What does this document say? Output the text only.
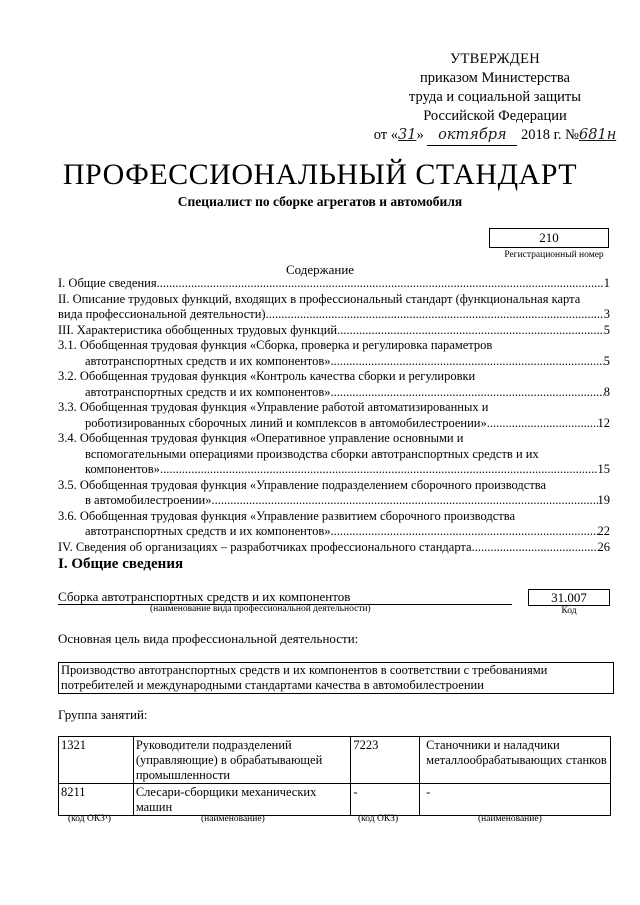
УТВЕРЖДЕН
приказом Министерства
труда и социальной защиты
Российской Федерации
от «31» октября 2018 г. №681н
ПРОФЕССИОНАЛЬНЫЙ СТАНДАРТ
Специалист по сборке агрегатов и автомобиля
210
Регистрационный номер
Содержание
I. Общие сведения .....	1
II. Описание трудовых функций, входящих в профессиональный стандарт (функциональная карта
вида профессиональной деятельности) .....	3
III. Характеристика обобщенных трудовых функций .....	5
3.1. Обобщенная трудовая функция «Сборка, проверка и регулировка параметров
автотранспортных средств и их компонентов» .....	5
3.2. Обобщенная трудовая функция «Контроль качества сборки и регулировки
автотранспортных средств и их компонентов» .....	8
3.3. Обобщенная трудовая функция «Управление работой автоматизированных и
роботизированных сборочных линий и комплексов в автомобилестроении» .....	12
3.4. Обобщенная трудовая функция «Оперативное управление основными и
вспомогательными операциями производства сборки автотранспортных средств и их
компонентов» .....	15
3.5. Обобщенная трудовая функция «Управление подразделением сборочного производства
в автомобилестроении» .....	19
3.6. Обобщенная трудовая функция «Управление развитием сборочного производства
автотранспортных средств и их компонентов» .....	22
IV. Сведения об организациях – разработчиках профессионального стандарта .....	26
I. Общие сведения
Сборка автотранспортных средств и их компонентов
(наименование вида профессиональной деятельности)
31.007
Код
Основная цель вида профессиональной деятельности:
Производство автотранспортных средств и их компонентов в соответствии с требованиями
потребителей и международными стандартами качества в автомобилестроении
Группа занятий:
1321	Руководители подразделений (управляющие) в обрабатывающей промышленности	7223	Станочники и наладчики металлообрабатывающих станков
8211	Слесари-сборщики механических машин	-	-
(код ОКЗ¹)	(наименование)	(код ОКЗ)	(наименование)
